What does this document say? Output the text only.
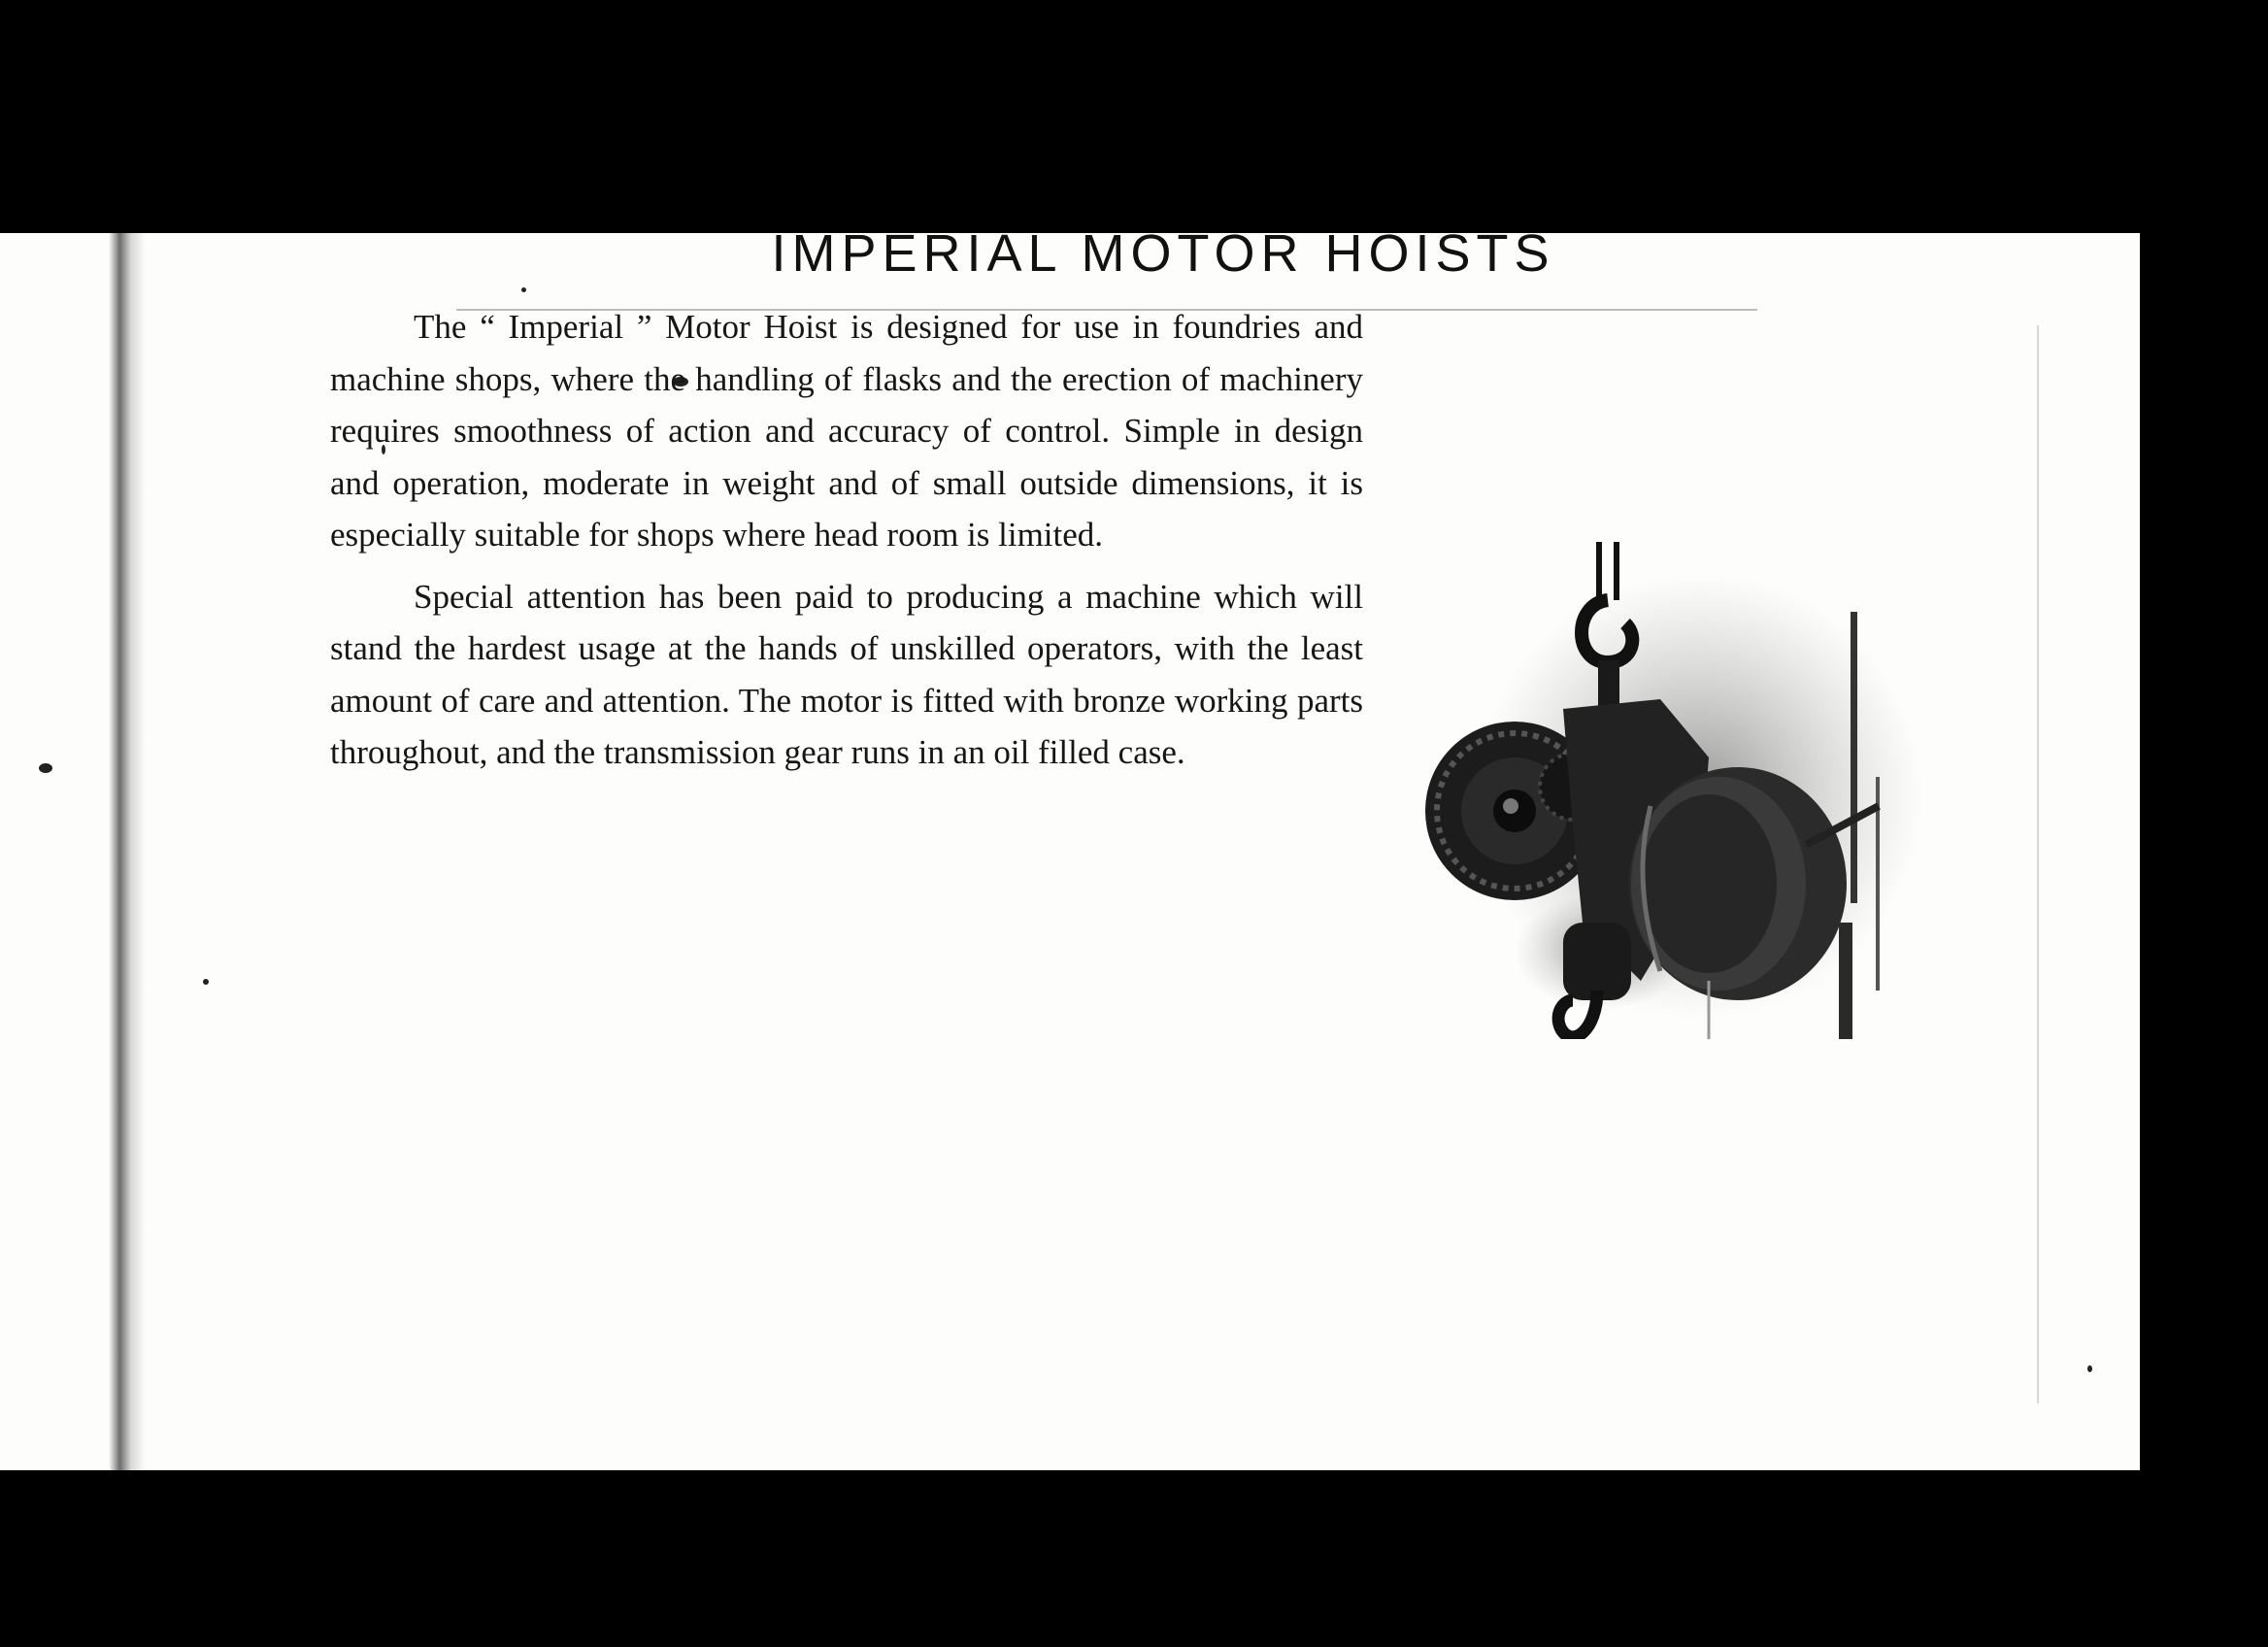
IMPERIAL MOTOR HOISTS

The “ Imperial ” Motor Hoist is designed for use in foundries and machine shops, where the handling of flasks and the erection of machinery requires smoothness of action and accuracy of control. Simple in design and operation, moderate in weight and of small outside dimensions, it is especially suitable for shops where head room is limited.

Special attention has been paid to producing a machine which will stand the hardest usage at the hands of unskilled operators, with the least amount of care and attention. The motor is fitted with bronze working parts throughout, and the transmission gear runs in an oil filled case.
